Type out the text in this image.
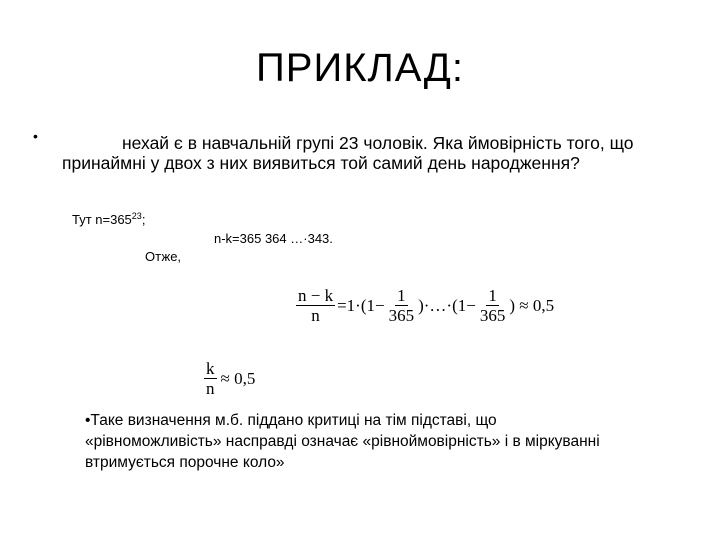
ПРИКЛАД:
•	нехай є в навчальній групі 23 чоловік. Яка ймовірність того, що принаймні у двох з них виявиться той самий день народження?
Тут $n=365^{23}$;
n-k=365 364 …·343.
Отже,
$\frac{n - k}{n} =1\cdot(1- \frac{1}{365}$ )·…·(1− $\frac{1}{365}$ ) ≈ 0,5
$\frac{k}{n} \approx 0,5$
•Таке визначення м.б. піддано критиці на тім підставі, що «рівноможливість» насправді означає «рівноймовірність» і в міркуванні втримується порочне коло»
